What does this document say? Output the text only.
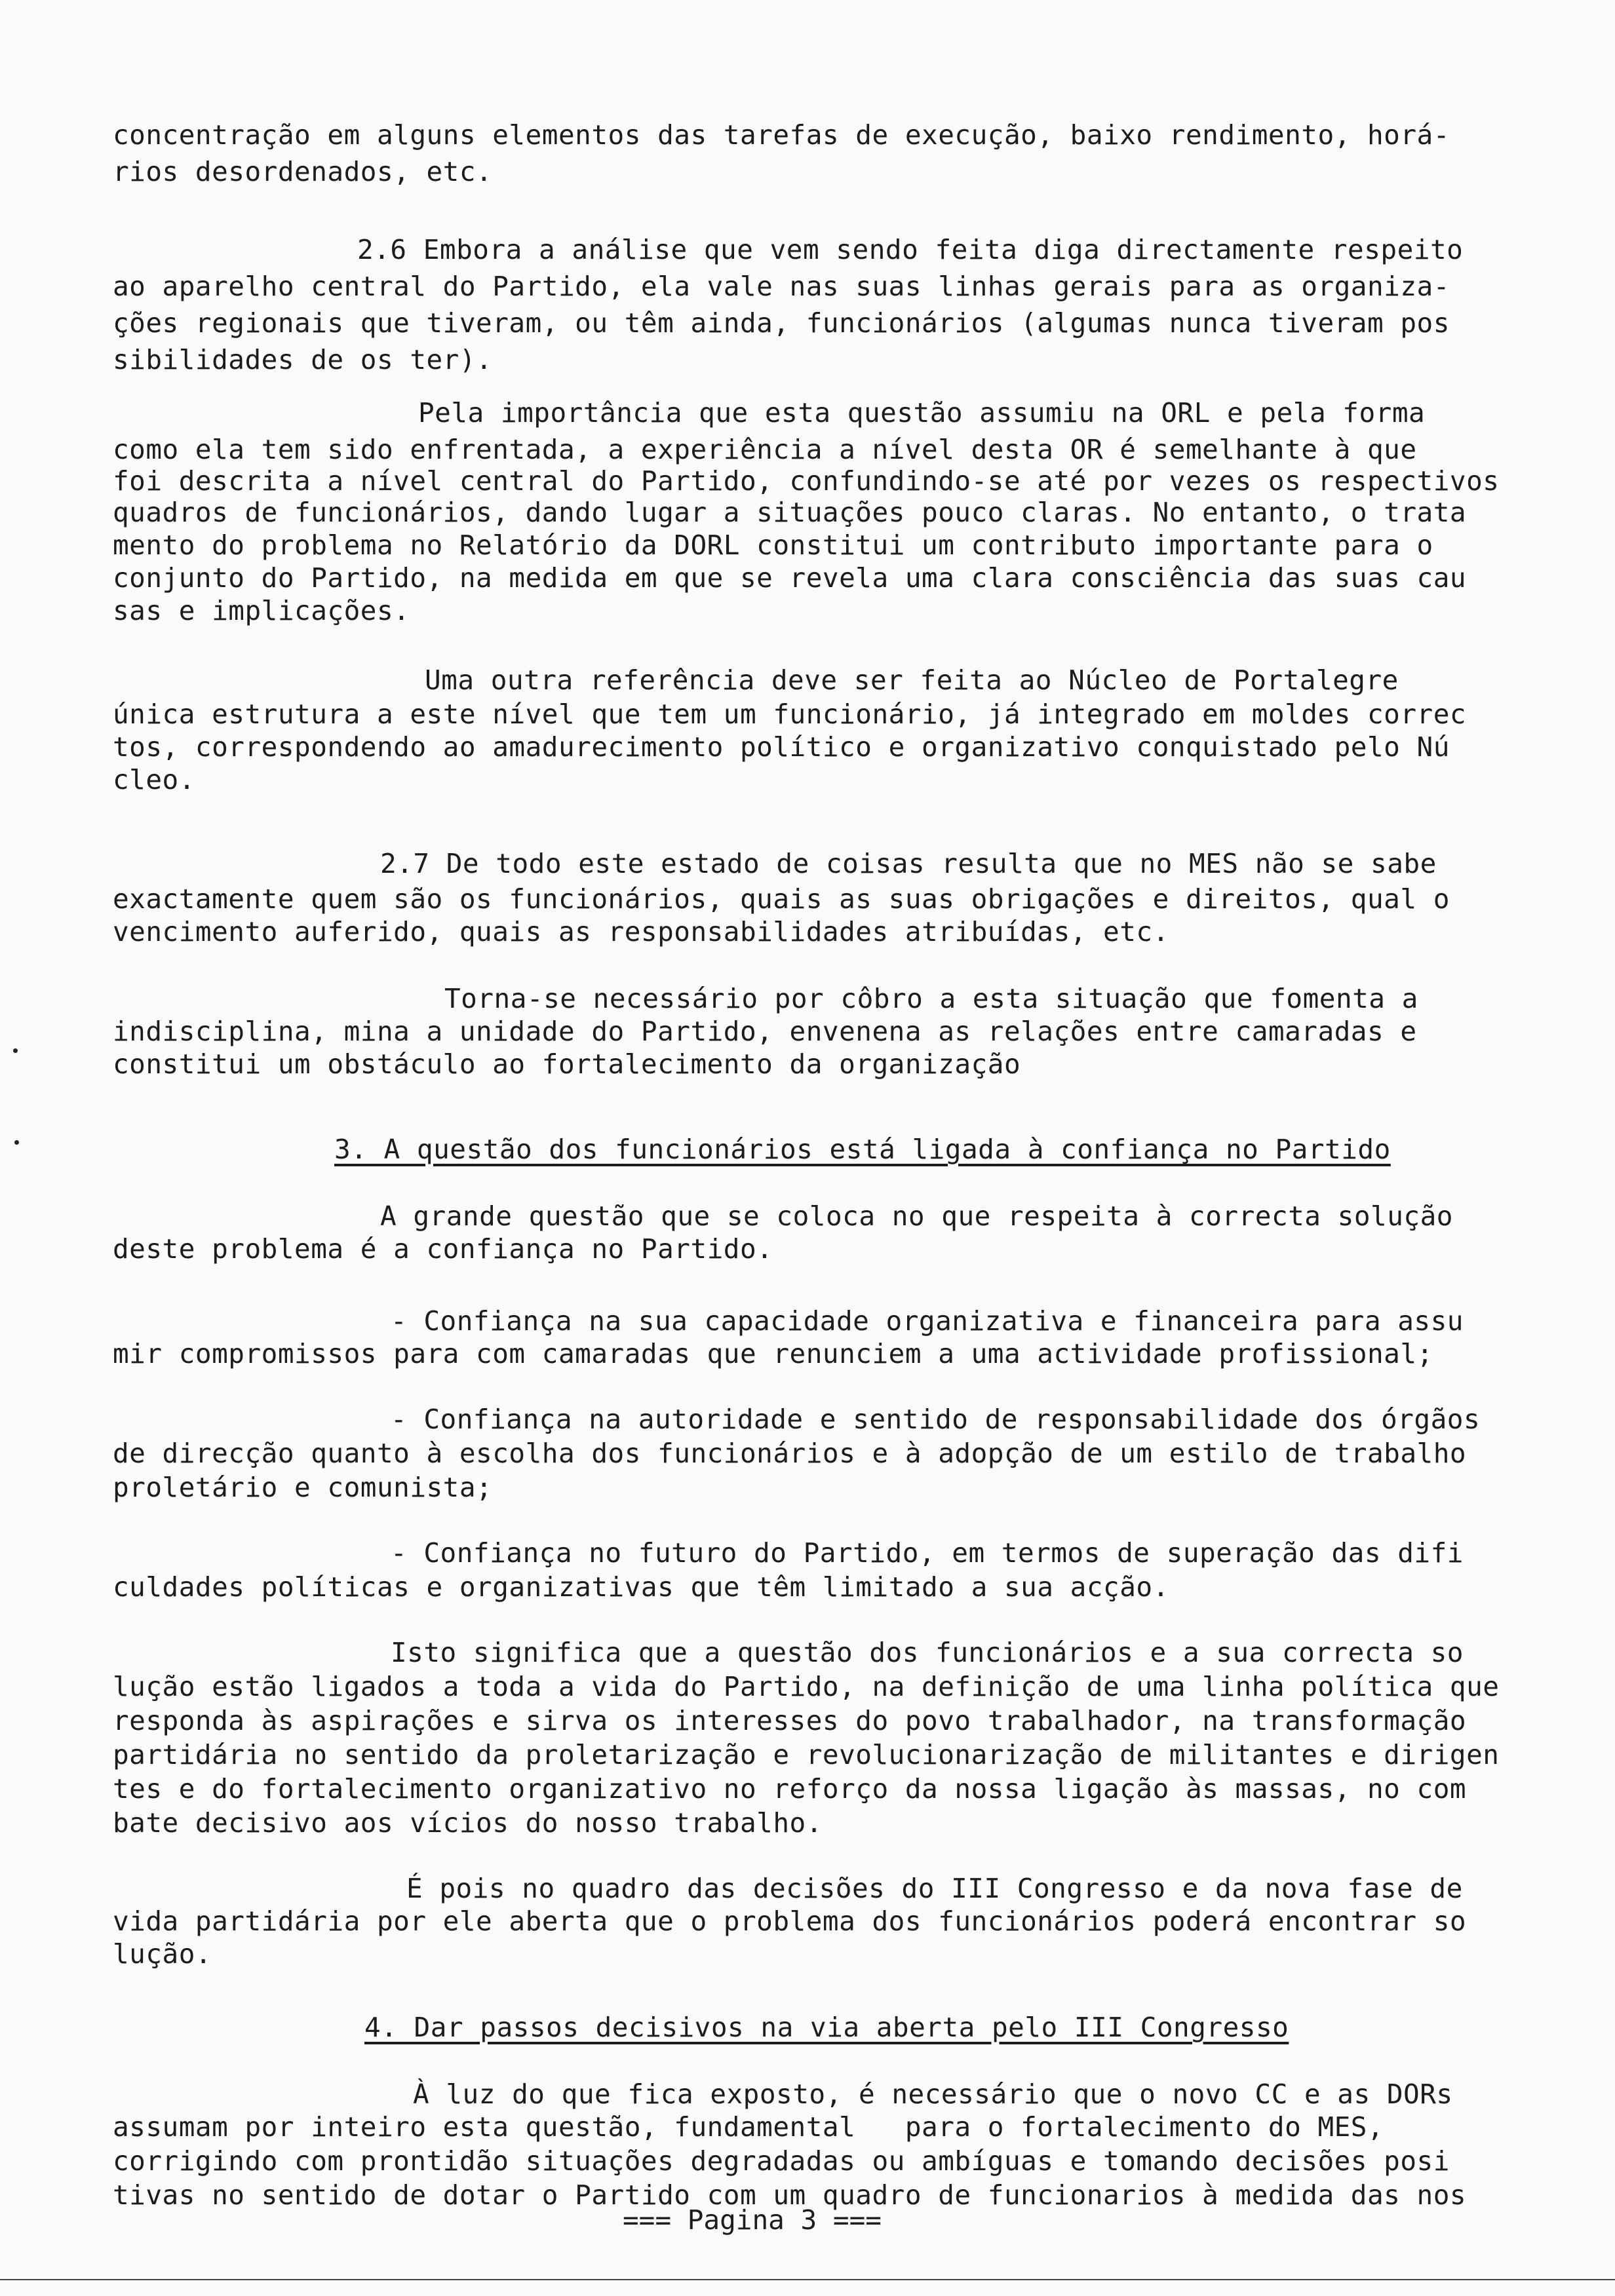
concentração em alguns elementos das tarefas de execução, baixo rendimento, horá-
rios desordenados, etc.
2.6 Embora a análise que vem sendo feita diga directamente respeito
ao aparelho central do Partido, ela vale nas suas linhas gerais para as organiza-
ções regionais que tiveram, ou têm ainda, funcionários (algumas nunca tiveram pos
sibilidades de os ter).
Pela importância que esta questão assumiu na ORL e pela forma
como ela tem sido enfrentada, a experiência a nível desta OR é semelhante à que
foi descrita a nível central do Partido, confundindo-se até por vezes os respectivos
quadros de funcionários, dando lugar a situações pouco claras. No entanto, o trata
mento do problema no Relatório da DORL constitui um contributo importante para o
conjunto do Partido, na medida em que se revela uma clara consciência das suas cau
sas e implicações.
Uma outra referência deve ser feita ao Núcleo de Portalegre
única estrutura a este nível que tem um funcionário, já integrado em moldes correc
tos, correspondendo ao amadurecimento político e organizativo conquistado pelo Nú
cleo.
2.7 De todo este estado de coisas resulta que no MES não se sabe
exactamente quem são os funcionários, quais as suas obrigações e direitos, qual o
vencimento auferido, quais as responsabilidades atribuídas, etc.
Torna-se necessário por côbro a esta situação que fomenta a
indisciplina, mina a unidade do Partido, envenena as relações entre camaradas e
constitui um obstáculo ao fortalecimento da organização
3. A questão dos funcionários está ligada à confiança no Partido
A grande questão que se coloca no que respeita à correcta solução
deste problema é a confiança no Partido.
- Confiança na sua capacidade organizativa e financeira para assu
mir compromissos para com camaradas que renunciem a uma actividade profissional;
- Confiança na autoridade e sentido de responsabilidade dos órgãos
de direcção quanto à escolha dos funcionários e à adopção de um estilo de trabalho
proletário e comunista;
- Confiança no futuro do Partido, em termos de superação das difi
culdades políticas e organizativas que têm limitado a sua acção.
Isto significa que a questão dos funcionários e a sua correcta so
lução estão ligados a toda a vida do Partido, na definição de uma linha política que
responda às aspirações e sirva os interesses do povo trabalhador, na transformação
partidária no sentido da proletarização e revolucionarização de militantes e dirigen
tes e do fortalecimento organizativo no reforço da nossa ligação às massas, no com
bate decisivo aos vícios do nosso trabalho.
É pois no quadro das decisões do III Congresso e da nova fase de
vida partidária por ele aberta que o problema dos funcionários poderá encontrar so
lução.
4. Dar passos decisivos na via aberta pelo III Congresso
À luz do que fica exposto, é necessário que o novo CC e as DORs
assumam por inteiro esta questão, fundamental   para o fortalecimento do MES,
corrigindo com prontidão situações degradadas ou ambíguas e tomando decisões posi
tivas no sentido de dotar o Partido com um quadro de funcionarios à medida das nos
=== Pagina 3 ===
